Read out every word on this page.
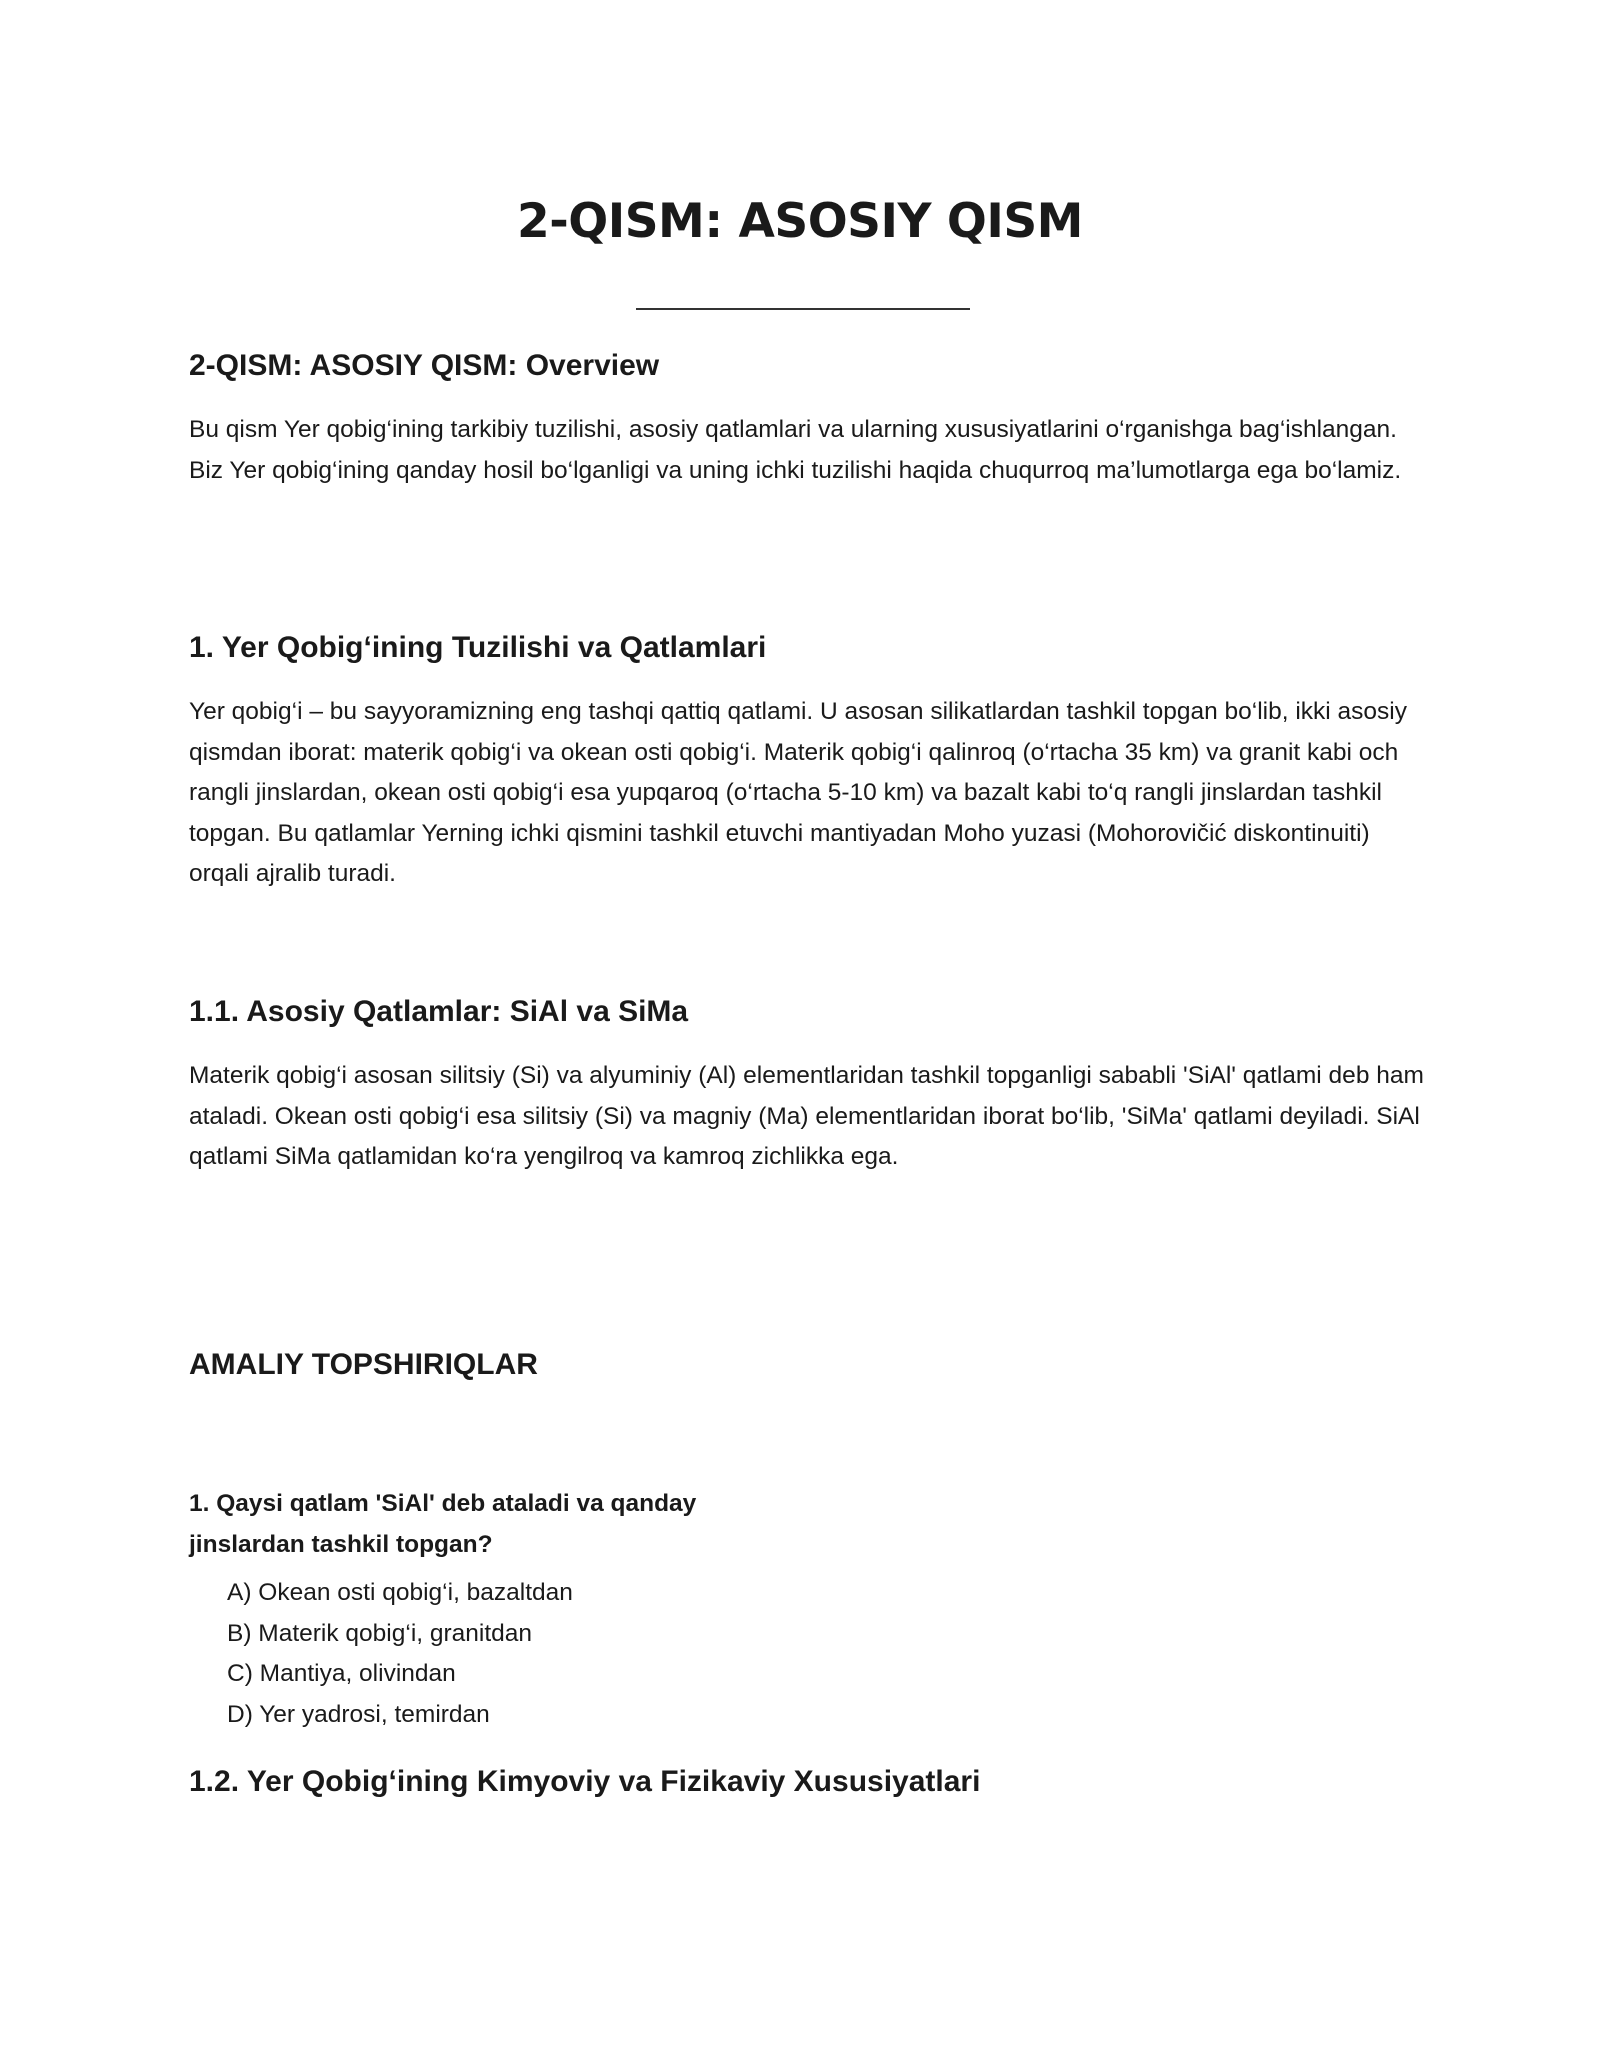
2-QISM: ASOSIY QISM
2-QISM: ASOSIY QISM: Overview

Bu qism Yer qobig‘ining tarkibiy tuzilishi, asosiy qatlamlari va ularning xususiyatlarini o‘rganishga bag‘ishlangan. Biz Yer qobig‘ining qanday hosil bo‘lganligi va uning ichki tuzilishi haqida chuqurroq ma’lumotlarga ega bo‘lamiz.

1. Yer Qobig‘ining Tuzilishi va Qatlamlari

Yer qobig‘i – bu sayyoramizning eng tashqi qattiq qatlami. U asosan silikatlardan tashkil topgan bo‘lib, ikki asosiy qismdan iborat: materik qobig‘i va okean osti qobig‘i. Materik qobig‘i qalinroq (o‘rtacha 35 km) va granit kabi och rangli jinslardan, okean osti qobig‘i esa yupqaroq (o‘rtacha 5-10 km) va bazalt kabi to‘q rangli jinslardan tashkil topgan. Bu qatlamlar Yerning ichki qismini tashkil etuvchi mantiyadan Moho yuzasi (Mohorovičić diskontinuiti) orqali ajralib turadi.

1.1. Asosiy Qatlamlar: SiAl va SiMa

Materik qobig‘i asosan silitsiy (Si) va alyuminiy (Al) elementlaridan tashkil topganligi sababli 'SiAl' qatlami deb ham ataladi. Okean osti qobig‘i esa silitsiy (Si) va magniy (Ma) elementlaridan iborat bo‘lib, 'SiMa' qatlami deyiladi. SiAl qatlami SiMa qatlamidan ko‘ra yengilroq va kamroq zichlikka ega.

AMALIY TOPSHIRIQLAR

1. Qaysi qatlam 'SiAl' deb ataladi va qanday jinslardan tashkil topgan?

A) Okean osti qobig‘i, bazaltdan
B) Materik qobig‘i, granitdan
C) Mantiya, olivindan
D) Yer yadrosi, temirdan
1.2. Yer Qobig‘ining Kimyoviy va Fizikaviy Xususiyatlari
